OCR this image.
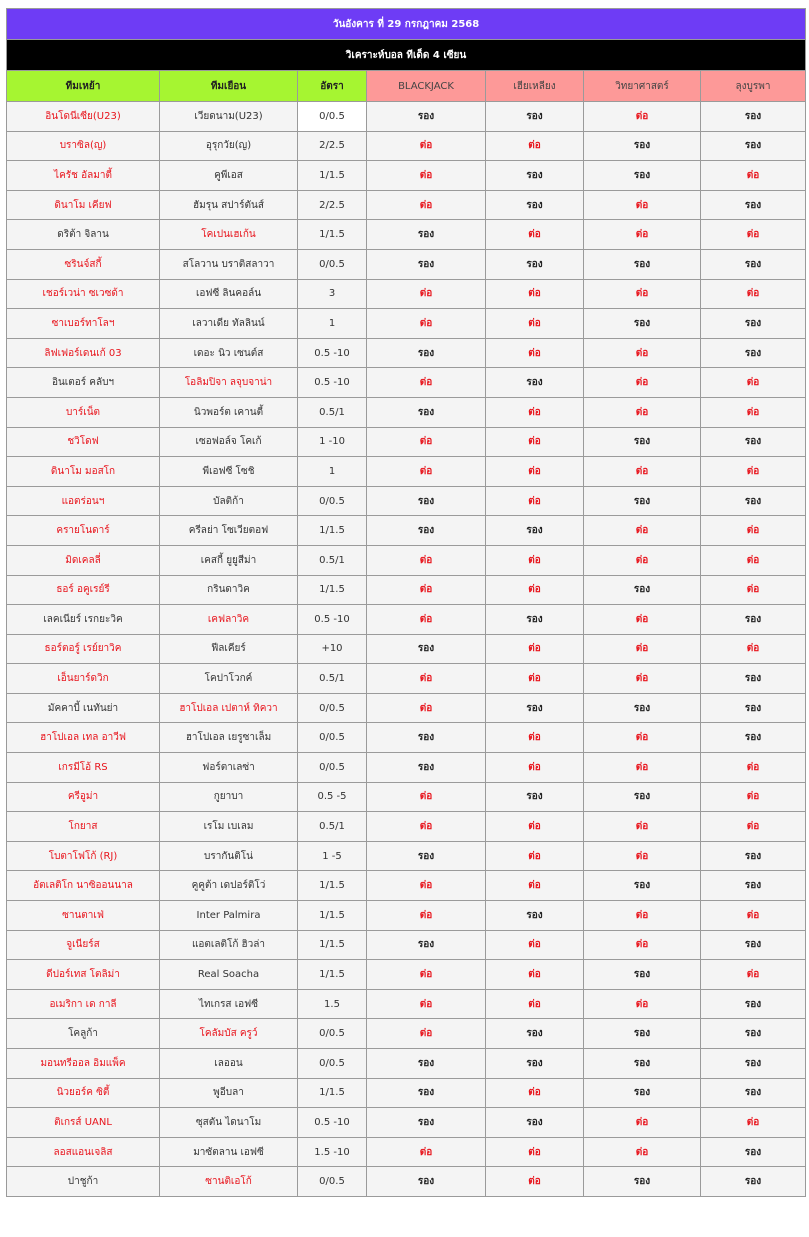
วันอังคาร ที่ 29 กรกฎาคม 2568						
วิเคราะห์บอล ทีเด็ด 4 เซียน						
ทีมเหย้า	ทีมเยือน	อัตรา	BLACKJACK	เฮียเหลียง	วิทยาศาสตร์	ลุงบูรพา
อินโดนีเซีย(U23)	เวียดนาม(U23)	0/0.5	รอง	รอง	ต่อ	รอง
บราซิล(ญ)	อุรุกวัย(ญ)	2/2.5	ต่อ	ต่อ	รอง	รอง
ไครัช อัลมาตี้	คูพีเอส	1/1.5	ต่อ	รอง	รอง	ต่อ
ดินาโม เคียฟ	ฮัมรุน สปาร์ตันส์	2/2.5	ต่อ	รอง	ต่อ	รอง
ดริต้า จิลาน	โคเปนเฮเก้น	1/1.5	รอง	ต่อ	ต่อ	ต่อ
ซรินจ์สกี้	สโลวาน บราติสลาวา	0/0.5	รอง	รอง	รอง	รอง
เชอร์เวน่า ซเวซด้า	เอฟซี ลินคอล์น	3	ต่อ	ต่อ	ต่อ	ต่อ
ซาเบอร์ทาโลฯ	เลวาเดีย ทัลลินน์	1	ต่อ	ต่อ	รอง	รอง
ลิฟเฟอร์เดนเก้ 03	เดอะ นิว เซนต์ส	0.5 -10	รอง	ต่อ	ต่อ	รอง
อินเตอร์ คลับฯ	โอลิมปิจา ลจุบจาน่า	0.5 -10	ต่อ	รอง	ต่อ	ต่อ
บาร์เน็ต	นิวพอร์ต เคานตี้	0.5/1	รอง	ต่อ	ต่อ	ต่อ
ชวิโดฟ	เซอฟอล์จ โคเก้	1 -10	ต่อ	ต่อ	รอง	รอง
ดินาโม มอสโก	พีเอฟซี โซชิ	1	ต่อ	ต่อ	ต่อ	ต่อ
แอตร่อนฯ	บัลติก้า	0/0.5	รอง	ต่อ	รอง	รอง
ครายโนดาร์	ครีลย่า โซเวียตอฟ	1/1.5	รอง	รอง	ต่อ	ต่อ
มิดเคลลี่	เคสกี้ ยูยูสีม่า	0.5/1	ต่อ	ต่อ	ต่อ	ต่อ
ธอร์ อคูเรย์รี	กรินดาวิค	1/1.5	ต่อ	ต่อ	รอง	ต่อ
เลคเนียร์ เรกยะวิค	เคฟลาวิค	0.5 -10	ต่อ	รอง	ต่อ	รอง
ธอร์ตอรู์ เรย์ยาวิค	ฟีลเคียร์	+10	รอง	ต่อ	ต่อ	ต่อ
เอ็นยาร์ดวิก	โคปาโวกค์	0.5/1	ต่อ	ต่อ	ต่อ	รอง
มัคคาบี้ เนทันย่า	ฮาโปเอล เปตาห์ ทิควา	0/0.5	ต่อ	รอง	รอง	รอง
ฮาโปเอล เทล อาวีฟ	ฮาโปเอล เยรูซาเล็ม	0/0.5	รอง	ต่อ	ต่อ	รอง
เกรมีโอ้ RS	ฟอร์ตาเลซ่า	0/0.5	รอง	ต่อ	ต่อ	ต่อ
ครีอูม่า	กูยาบา	0.5 -5	ต่อ	รอง	รอง	ต่อ
โกยาส	เรโม เบเลม	0.5/1	ต่อ	ต่อ	ต่อ	ต่อ
โบตาโฟโก้ (RJ)	บรากันติโน่	1 -5	รอง	ต่อ	ต่อ	รอง
อัตเลติโก นาซิออนนาล	คูคูต้า เดปอร์ติโว่	1/1.5	ต่อ	ต่อ	รอง	รอง
ซานตาเฟ่	Inter Palmira	1/1.5	ต่อ	รอง	ต่อ	ต่อ
จูเนียร์ส	แอตเลติโก้ ฮิวล่า	1/1.5	รอง	ต่อ	ต่อ	รอง
ดีปอร์เทส โตลิม่า	Real Soacha	1/1.5	ต่อ	ต่อ	รอง	ต่อ
อเมริกา เด กาลี	ไทเกรส เอฟซี	1.5	ต่อ	ต่อ	ต่อ	รอง
โคลูก้า	โคลัมบัส ครูว์	0/0.5	ต่อ	รอง	รอง	รอง
มอนทรีออล อิมแพ็ค	เลออน	0/0.5	รอง	รอง	รอง	รอง
นิวยอร์ค ซิตี้	พูอีบลา	1/1.5	รอง	ต่อ	รอง	รอง
ติเกรส์ UANL	ซุสตัน ไดนาโม	0.5 -10	รอง	รอง	ต่อ	ต่อ
ลอสแอนเจลิส	มาซัตลาน เอฟซี	1.5 -10	ต่อ	ต่อ	ต่อ	รอง
ปาชูก้า	ซานติเอโก้	0/0.5	รอง	ต่อ	รอง	รอง
